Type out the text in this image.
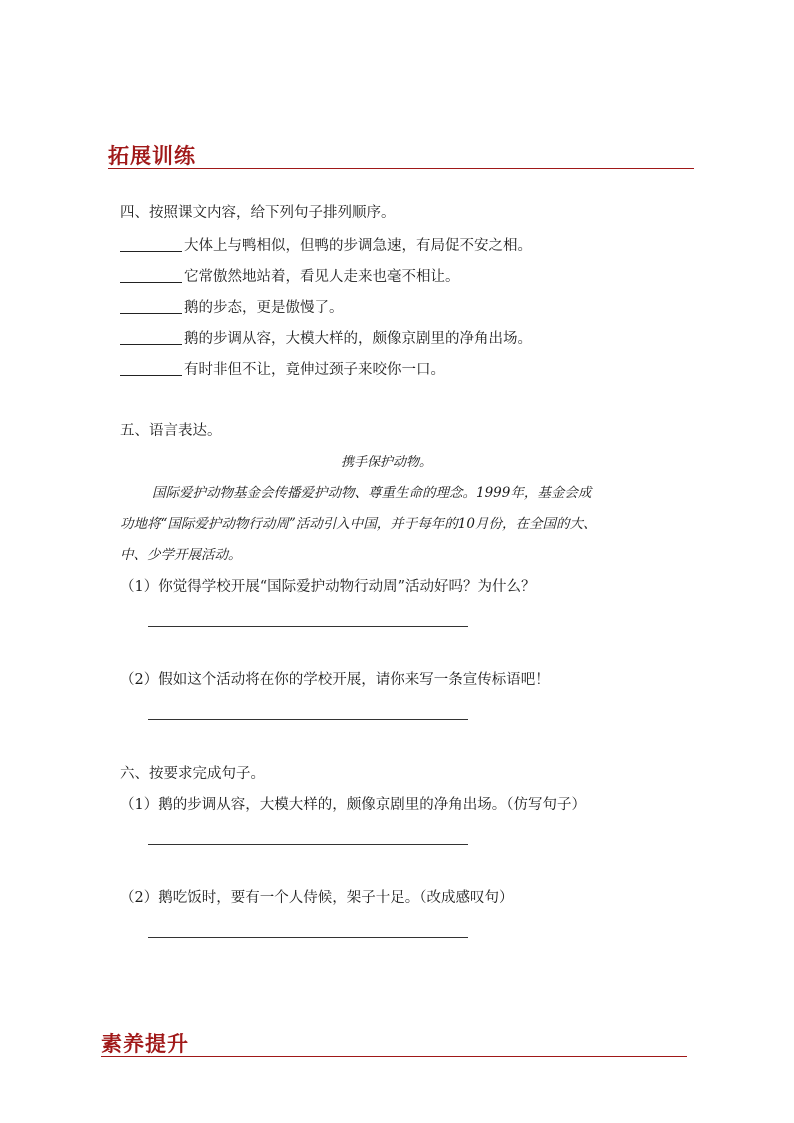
拓展训练
四、按照课文内容，给下列句子排列顺序。
大体上与鸭相似，但鸭的步调急速，有局促不安之相。
它常傲然地站着，看见人走来也毫不相让。
鹅的步态，更是傲慢了。
鹅的步调从容，大模大样的，颇像京剧里的净角出场。
有时非但不让，竟伸过颈子来咬你一口。
五、语言表达。
携手保护动物。
国际爱护动物基金会传播爱护动物、尊重生命的理念。1999年，基金会成
功地将“国际爱护动物行动周”活动引入中国，并于每年的10月份，在全国的大、
中、少学开展活动。
（1）你觉得学校开展“国际爱护动物行动周”活动好吗？为什么？
（2）假如这个活动将在你的学校开展，请你来写一条宣传标语吧！
六、按要求完成句子。
（1）鹅的步调从容，大模大样的，颇像京剧里的净角出场。（仿写句子）
（2）鹅吃饭时，要有一个人侍候，架子十足。（改成感叹句）
素养提升
